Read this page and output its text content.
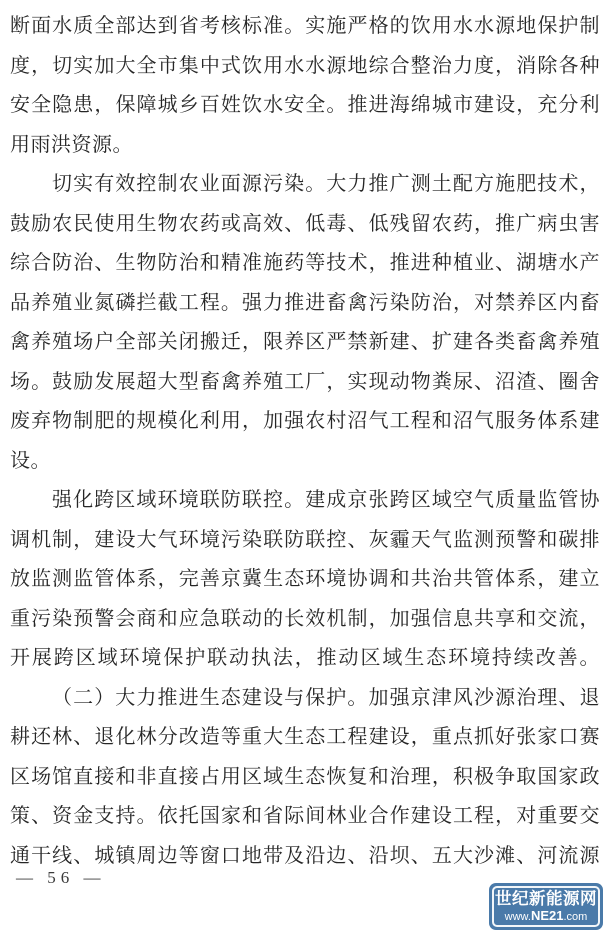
断面水质全部达到省考核标准。实施严格的饮用水水源地保护制
度，切实加大全市集中式饮用水水源地综合整治力度，消除各种
安全隐患，保障城乡百姓饮水安全。推进海绵城市建设，充分利
用雨洪资源。
切实有效控制农业面源污染。大力推广测土配方施肥技术，
鼓励农民使用生物农药或高效、低毒、低残留农药，推广病虫害
综合防治、生物防治和精准施药等技术，推进种植业、湖塘水产
品养殖业氮磷拦截工程。强力推进畜禽污染防治，对禁养区内畜
禽养殖场户全部关闭搬迁，限养区严禁新建、扩建各类畜禽养殖
场。鼓励发展超大型畜禽养殖工厂，实现动物粪尿、沼渣、圈舍
废弃物制肥的规模化利用，加强农村沼气工程和沼气服务体系建
设。
强化跨区域环境联防联控。建成京张跨区域空气质量监管协
调机制，建设大气环境污染联防联控、灰霾天气监测预警和碳排
放监测监管体系，完善京冀生态环境协调和共治共管体系，建立
重污染预警会商和应急联动的长效机制，加强信息共享和交流，
开展跨区域环境保护联动执法，推动区域生态环境持续改善。
（二）大力推进生态建设与保护。加强京津风沙源治理、退
耕还林、退化林分改造等重大生态工程建设，重点抓好张家口赛
区场馆直接和非直接占用区域生态恢复和治理，积极争取国家政
策、资金支持。依托国家和省际间林业合作建设工程，对重要交
通干线、城镇周边等窗口地带及沿边、沿坝、五大沙滩、河流源
— 56 —
世纪新能源网
www.NE21.com
